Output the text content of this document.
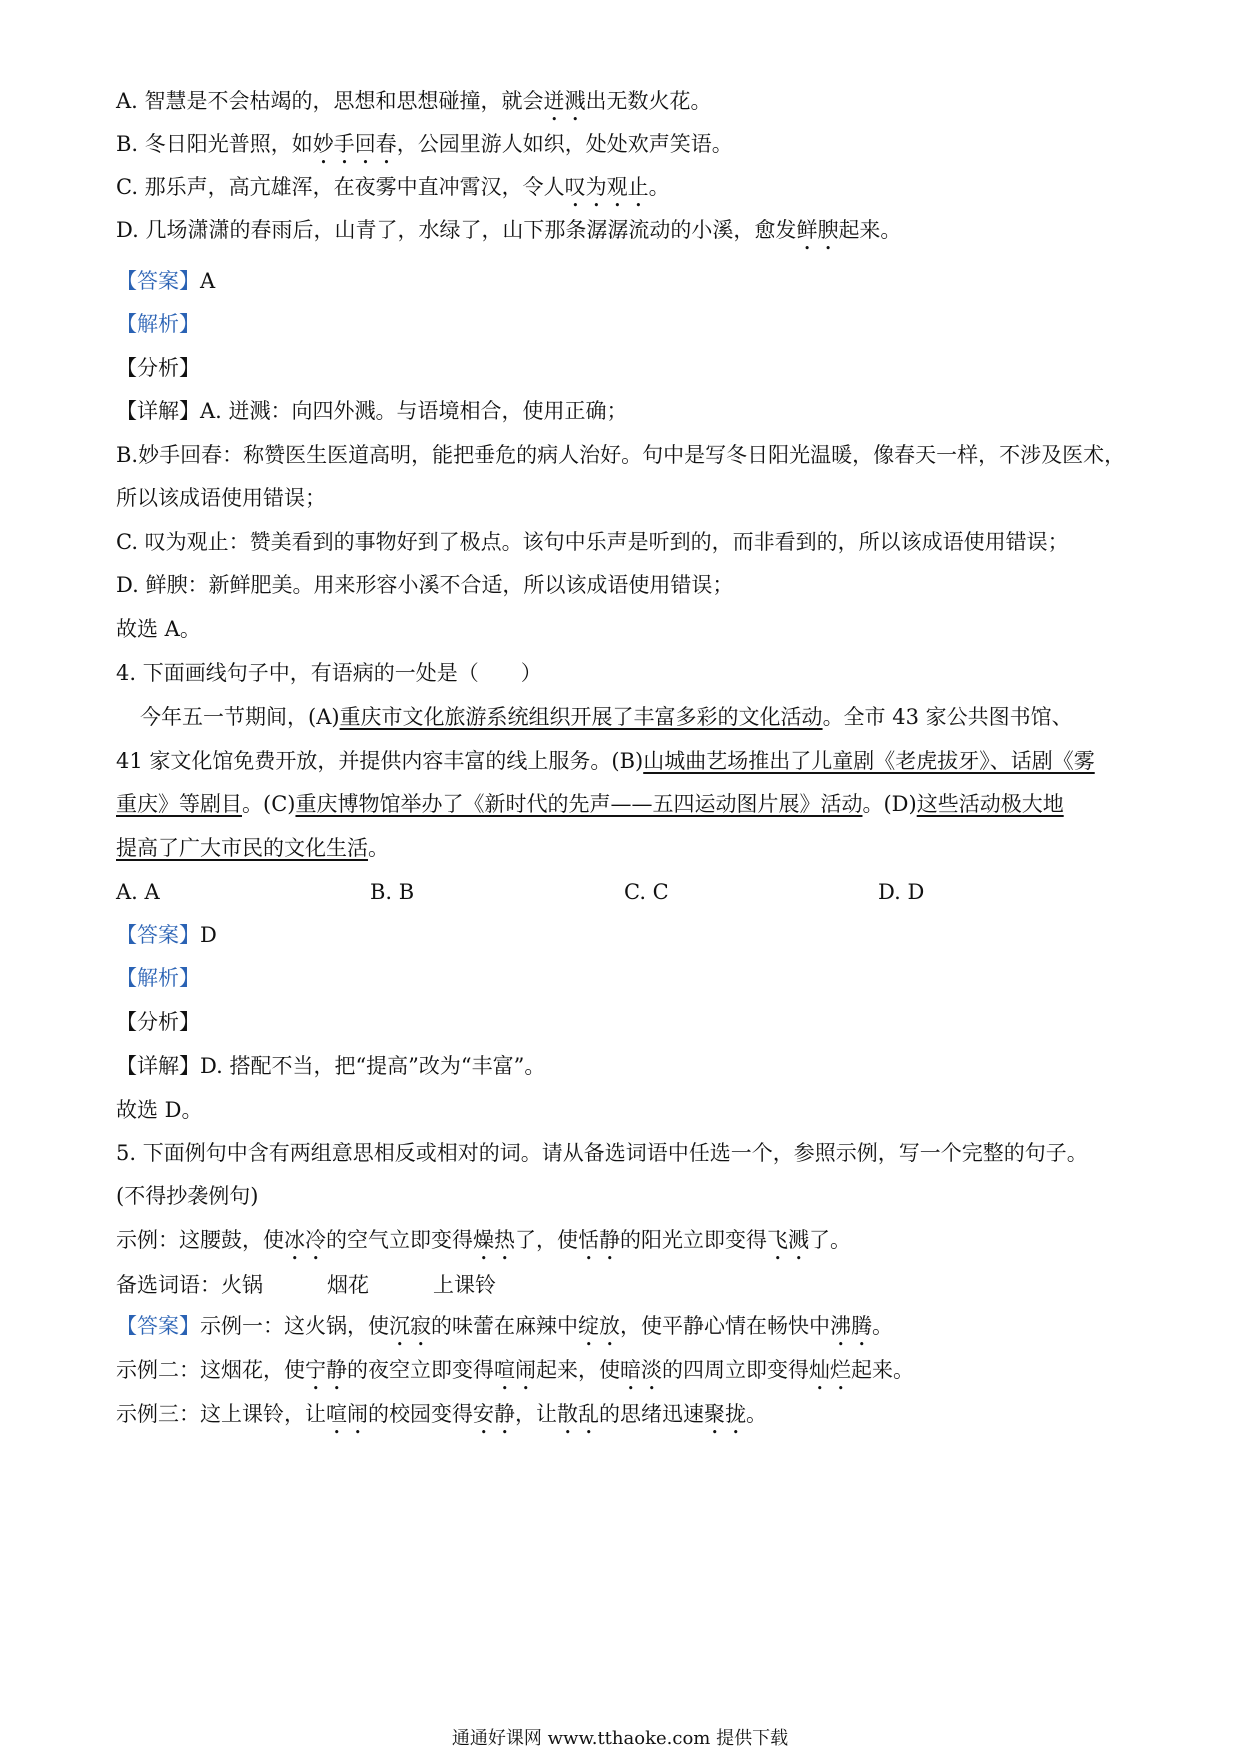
A. 智慧是不会枯竭的，思想和思想碰撞，就会迸溅出无数火花。
B. 冬日阳光普照，如妙手回春，公园里游人如织，处处欢声笑语。
C. 那乐声，高亢雄浑，在夜雾中直冲霄汉，令人叹为观止。
D. 几场潇潇的春雨后，山青了，水绿了，山下那条潺潺流动的小溪，愈发鲜腴起来。
【答案】A
【解析】
【分析】
【详解】A. 迸溅：向四外溅。与语境相合，使用正确；
B.妙手回春：称赞医生医道高明，能把垂危的病人治好。句中是写冬日阳光温暖，像春天一样，不涉及医术，
所以该成语使用错误；
C. 叹为观止：赞美看到的事物好到了极点。该句中乐声是听到的，而非看到的，所以该成语使用错误；
D. 鲜腴：新鲜肥美。用来形容小溪不合适，所以该成语使用错误；
故选 A。
4. 下面画线句子中，有语病的一处是（　　）
今年五一节期间，(A)重庆市文化旅游系统组织开展了丰富多彩的文化活动。全市 43 家公共图书馆、
41 家文化馆免费开放，并提供内容丰富的线上服务。(B)山城曲艺场推出了儿童剧《老虎拔牙》、话剧《雾
重庆》等剧目。(C)重庆博物馆举办了《新时代的先声——五四运动图片展》活动。(D)这些活动极大地
提高了广大市民的文化生活。
A. A	B. B	C. C	D. D
【答案】D
【解析】
【分析】
【详解】D. 搭配不当，把“提高”改为“丰富”。
故选 D。
5. 下面例句中含有两组意思相反或相对的词。请从备选词语中任选一个，参照示例，写一个完整的句子。
(不得抄袭例句)
示例：这腰鼓，使冰冷的空气立即变得燥热了，使恬静的阳光立即变得飞溅了。
备选词语：火锅	烟花	上课铃
【答案】示例一：这火锅，使沉寂的味蕾在麻辣中绽放，使平静心情在畅快中沸腾。
示例二：这烟花，使宁静的夜空立即变得喧闹起来，使暗淡的四周立即变得灿烂起来。
示例三：这上课铃，让喧闹的校园变得安静，让散乱的思绪迅速聚拢。
通通好课网 www.tthaoke.com 提供下载
